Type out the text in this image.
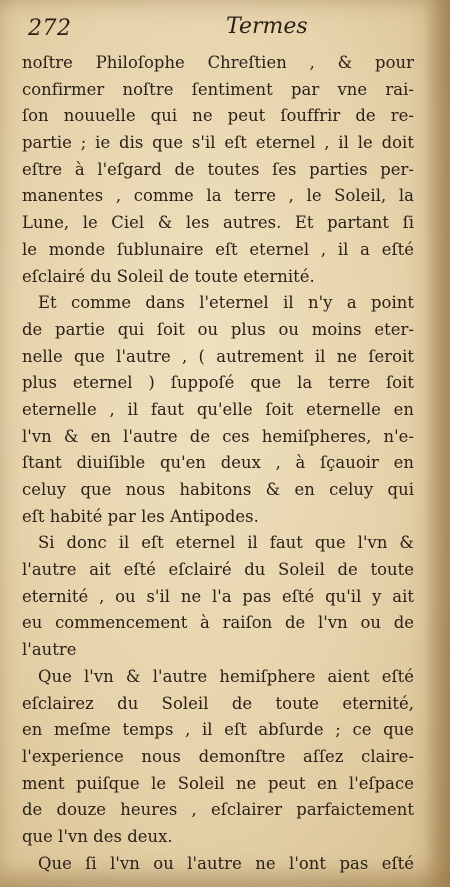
272	Termes
noſtre Philoſophe Chreſtien , & pour
confirmer noſtre ſentiment par vne rai-
ſon nouuelle qui ne peut ſouffrir de re-
partie ; ie dis que s'il eſt eternel , il le doit
eſtre à l'eſgard de toutes ſes parties per-
manentes , comme la terre , le Soleil, la
Lune, le Ciel & les autres. Et partant ſi
le monde ſublunaire eſt eternel , il a eſté
eſclairé du Soleil de toute eternité.
Et comme dans l'eternel il n'y a point
de partie qui ſoit ou plus ou moins eter-
nelle que l'autre , ( autrement il ne ſeroit
plus eternel ) ſuppoſé que la terre ſoit
eternelle , il faut qu'elle ſoit eternelle en
l'vn & en l'autre de ces hemiſpheres, n'e-
ſtant diuiſible qu'en deux , à ſçauoir en
celuy que nous habitons & en celuy qui
eſt habité par les Antipodes.
Si donc il eſt eternel il faut que l'vn &
l'autre ait eſté eſclairé du Soleil de toute
eternité , ou s'il ne l'a pas eſté qu'il y ait
eu commencement à raiſon de l'vn ou de
l'autre
Que l'vn & l'autre hemiſphere aient eſté
eſclairez du Soleil de toute eternité,
en meſme temps , il eſt abſurde ; ce que
l'experience nous demonſtre aſſez claire-
ment puiſque le Soleil ne peut en l'eſpace
de douze heures , eſclairer parfaictement
que l'vn des deux.
Que ſi l'vn ou l'autre ne l'ont pas eſté
